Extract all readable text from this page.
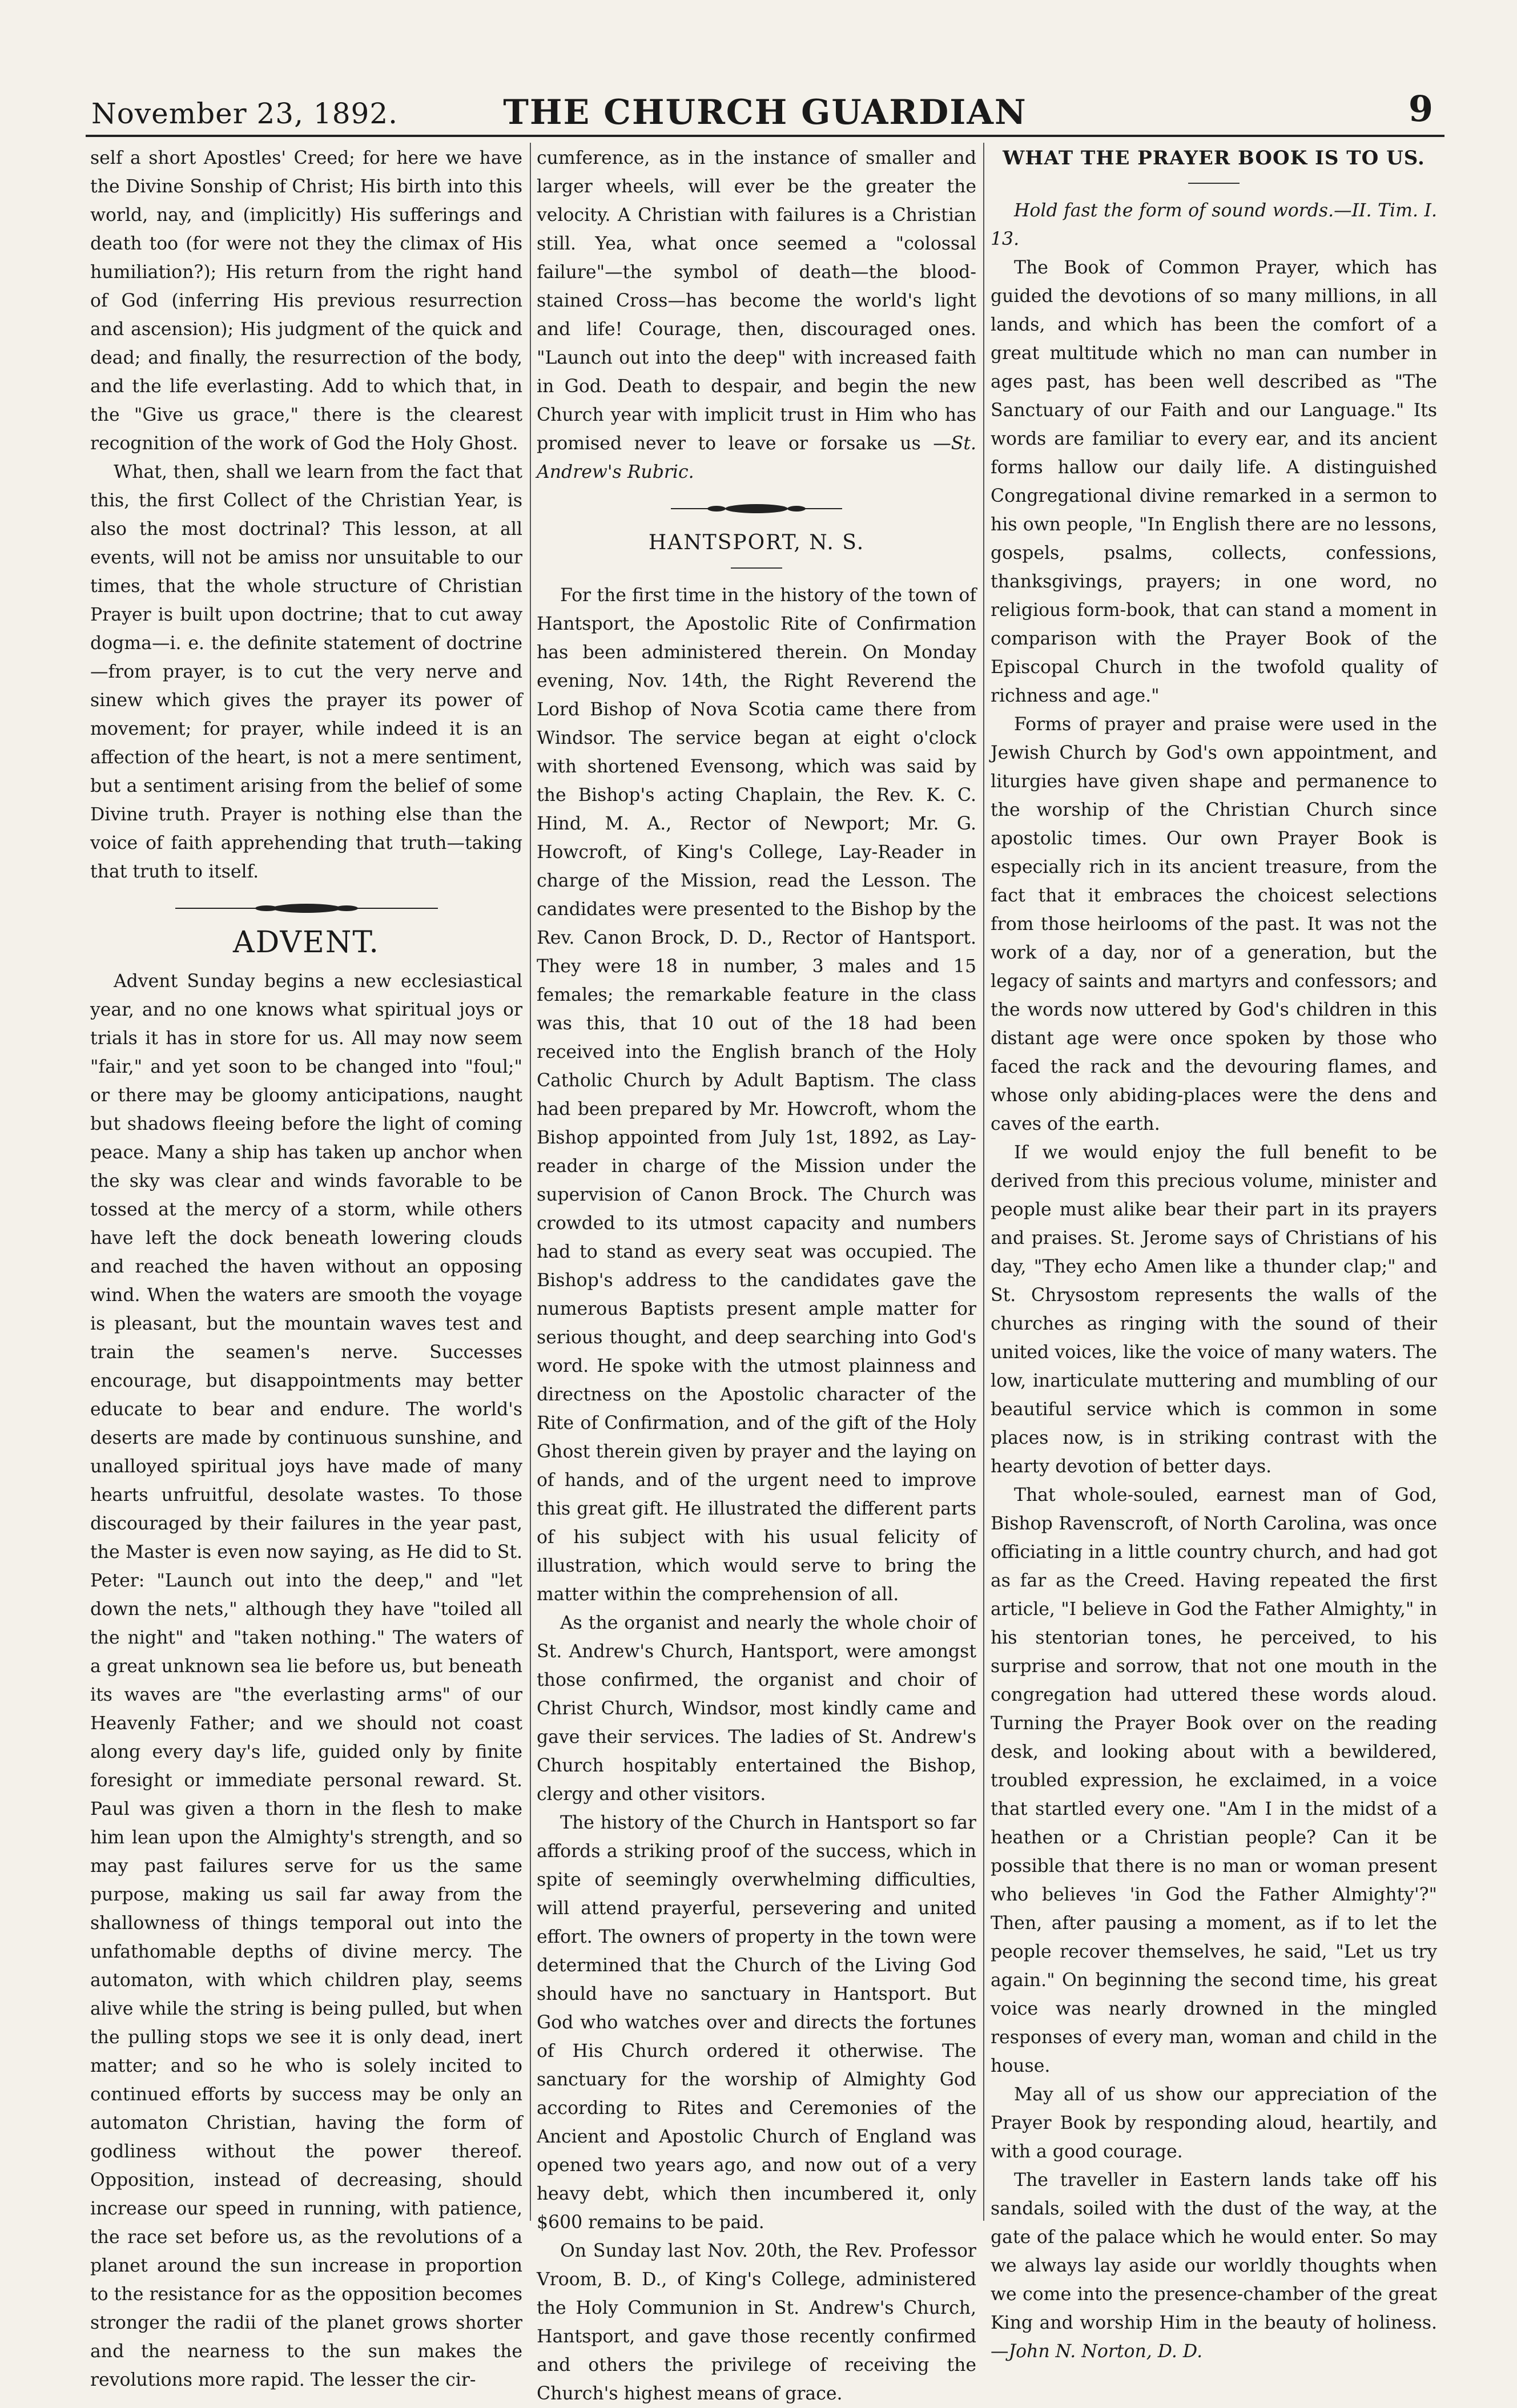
November 23, 1892.	THE CHURCH GUARDIAN	9

self a short Apostles' Creed; for here we have the Divine Sonship of Christ; His birth into this world, nay, and (implicitly) His sufferings and death too (for were not they the climax of His humiliation?); His return from the right hand of God (inferring His previous resurrection and ascension); His judgment of the quick and dead; and finally, the resurrection of the body, and the life everlasting. Add to which that, in the "Give us grace," there is the clearest recognition of the work of God the Holy Ghost.

What, then, shall we learn from the fact that this, the first Collect of the Christian Year, is also the most doctrinal? This lesson, at all events, will not be amiss nor unsuitable to our times, that the whole structure of Christian Prayer is built upon doctrine; that to cut away dogma—i. e. the definite statement of doctrine—from prayer, is to cut the very nerve and sinew which gives the prayer its power of movement; for prayer, while indeed it is an affection of the heart, is not a mere sentiment, but a sentiment arising from the belief of some Divine truth. Prayer is nothing else than the voice of faith apprehending that truth—taking that truth to itself.

ADVENT.

Advent Sunday begins a new ecclesiastical year, and no one knows what spiritual joys or trials it has in store for us. All may now seem "fair," and yet soon to be changed into "foul;" or there may be gloomy anticipations, naught but shadows fleeing before the light of coming peace. Many a ship has taken up anchor when the sky was clear and winds favorable to be tossed at the mercy of a storm, while others have left the dock beneath lowering clouds and reached the haven without an opposing wind. When the waters are smooth the voyage is pleasant, but the mountain waves test and train the seamen's nerve. Successes encourage, but disappointments may better educate to bear and endure. The world's deserts are made by continuous sunshine, and unalloyed spiritual joys have made of many hearts unfruitful, desolate wastes. To those discouraged by their failures in the year past, the Master is even now saying, as He did to St. Peter: "Launch out into the deep," and "let down the nets," although they have "toiled all the night" and "taken nothing." The waters of a great unknown sea lie before us, but beneath its waves are "the everlasting arms" of our Heavenly Father; and we should not coast along every day's life, guided only by finite foresight or immediate personal reward. St. Paul was given a thorn in the flesh to make him lean upon the Almighty's strength, and so may past failures serve for us the same purpose, making us sail far away from the shallowness of things temporal out into the unfathomable depths of divine mercy. The automaton, with which children play, seems alive while the string is being pulled, but when the pulling stops we see it is only dead, inert matter; and so he who is solely incited to continued efforts by success may be only an automaton Christian, having the form of godliness without the power thereof. Opposition, instead of decreasing, should increase our speed in running, with patience, the race set before us, as the revolutions of a planet around the sun increase in proportion to the resistance for as the opposition becomes stronger the radii of the planet grows shorter and the nearness to the sun makes the revolutions more rapid. The lesser the cir-

cumference, as in the instance of smaller and larger wheels, will ever be the greater the velocity. A Christian with failures is a Christian still. Yea, what once seemed a "colossal failure"—the symbol of death—the blood-stained Cross—has become the world's light and life! Courage, then, discouraged ones. "Launch out into the deep" with increased faith in God. Death to despair, and begin the new Church year with implicit trust in Him who has promised never to leave or forsake us —St. Andrew's Rubric.

HANTSPORT, N. S.

For the first time in the history of the town of Hantsport, the Apostolic Rite of Confirmation has been administered therein. On Monday evening, Nov. 14th, the Right Reverend the Lord Bishop of Nova Scotia came there from Windsor. The service began at eight o'clock with shortened Evensong, which was said by the Bishop's acting Chaplain, the Rev. K. C. Hind, M. A., Rector of Newport; Mr. G. Howcroft, of King's College, Lay-Reader in charge of the Mission, read the Lesson. The candidates were presented to the Bishop by the Rev. Canon Brock, D. D., Rector of Hantsport. They were 18 in number, 3 males and 15 females; the remarkable feature in the class was this, that 10 out of the 18 had been received into the English branch of the Holy Catholic Church by Adult Baptism. The class had been prepared by Mr. Howcroft, whom the Bishop appointed from July 1st, 1892, as Lay-reader in charge of the Mission under the supervision of Canon Brock. The Church was crowded to its utmost capacity and numbers had to stand as every seat was occupied. The Bishop's address to the candidates gave the numerous Baptists present ample matter for serious thought, and deep searching into God's word. He spoke with the utmost plainness and directness on the Apostolic character of the Rite of Confirmation, and of the gift of the Holy Ghost therein given by prayer and the laying on of hands, and of the urgent need to improve this great gift. He illustrated the different parts of his subject with his usual felicity of illustration, which would serve to bring the matter within the comprehension of all.

As the organist and nearly the whole choir of St. Andrew's Church, Hantsport, were amongst those confirmed, the organist and choir of Christ Church, Windsor, most kindly came and gave their services. The ladies of St. Andrew's Church hospitably entertained the Bishop, clergy and other visitors.

The history of the Church in Hantsport so far affords a striking proof of the success, which in spite of seemingly overwhelming difficulties, will attend prayerful, persevering and united effort. The owners of property in the town were determined that the Church of the Living God should have no sanctuary in Hantsport. But God who watches over and directs the fortunes of His Church ordered it otherwise. The sanctuary for the worship of Almighty God according to Rites and Ceremonies of the Ancient and Apostolic Church of England was opened two years ago, and now out of a very heavy debt, which then incumbered it, only $600 remains to be paid.

On Sunday last Nov. 20th, the Rev. Professor Vroom, B. D., of King's College, administered the Holy Communion in St. Andrew's Church, Hantsport, and gave those recently confirmed and others the privilege of receiving the Church's highest means of grace.

WHAT THE PRAYER BOOK IS TO US.

Hold fast the form of sound words.—II. Tim. I. 13.

The Book of Common Prayer, which has guided the devotions of so many millions, in all lands, and which has been the comfort of a great multitude which no man can number in ages past, has been well described as "The Sanctuary of our Faith and our Language." Its words are familiar to every ear, and its ancient forms hallow our daily life. A distinguished Congregational divine remarked in a sermon to his own people, "In English there are no lessons, gospels, psalms, collects, confessions, thanksgivings, prayers; in one word, no religious form-book, that can stand a moment in comparison with the Prayer Book of the Episcopal Church in the twofold quality of richness and age."

Forms of prayer and praise were used in the Jewish Church by God's own appointment, and liturgies have given shape and permanence to the worship of the Christian Church since apostolic times. Our own Prayer Book is especially rich in its ancient treasure, from the fact that it embraces the choicest selections from those heirlooms of the past. It was not the work of a day, nor of a generation, but the legacy of saints and martyrs and confessors; and the words now uttered by God's children in this distant age were once spoken by those who faced the rack and the devouring flames, and whose only abiding-places were the dens and caves of the earth.

If we would enjoy the full benefit to be derived from this precious volume, minister and people must alike bear their part in its prayers and praises. St. Jerome says of Christians of his day, "They echo Amen like a thunder clap;" and St. Chrysostom represents the walls of the churches as ringing with the sound of their united voices, like the voice of many waters. The low, inarticulate muttering and mumbling of our beautiful service which is common in some places now, is in striking contrast with the hearty devotion of better days.

That whole-souled, earnest man of God, Bishop Ravenscroft, of North Carolina, was once officiating in a little country church, and had got as far as the Creed. Having repeated the first article, "I believe in God the Father Almighty," in his stentorian tones, he perceived, to his surprise and sorrow, that not one mouth in the congregation had uttered these words aloud. Turning the Prayer Book over on the reading desk, and looking about with a bewildered, troubled expression, he exclaimed, in a voice that startled every one. "Am I in the midst of a heathen or a Christian people? Can it be possible that there is no man or woman present who believes 'in God the Father Almighty'?" Then, after pausing a moment, as if to let the people recover themselves, he said, "Let us try again." On beginning the second time, his great voice was nearly drowned in the mingled responses of every man, woman and child in the house.

May all of us show our appreciation of the Prayer Book by responding aloud, heartily, and with a good courage.

The traveller in Eastern lands take off his sandals, soiled with the dust of the way, at the gate of the palace which he would enter. So may we always lay aside our worldly thoughts when we come into the presence-chamber of the great King and worship Him in the beauty of holiness.—John N. Norton, D. D.
